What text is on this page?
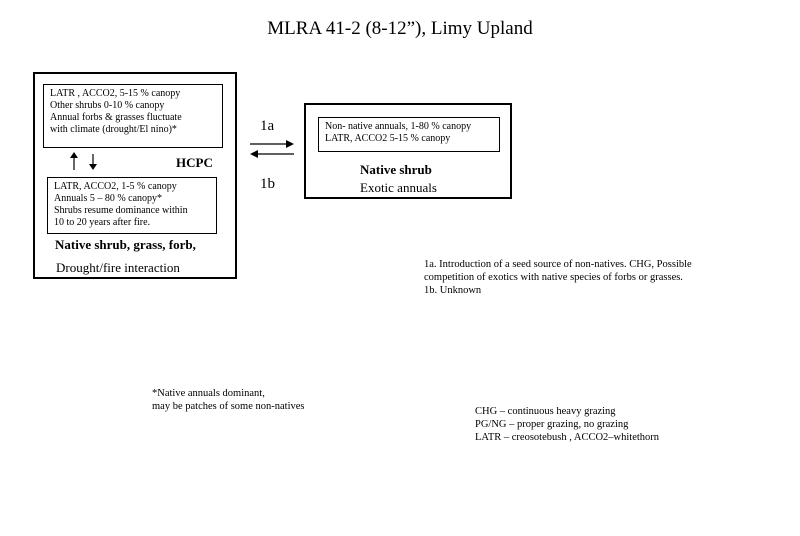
MLRA 41-2 (8-12”), Limy Upland
LATR , ACCO2, 5-15 % canopy
Other shrubs 0-10 % canopy
Annual forbs & grasses fluctuate
with climate (drought/El nino)*
HCPC
LATR, ACCO2, 1-5 % canopy
Annuals 5 – 80 % canopy*
Shrubs resume dominance within
10 to 20 years after fire.
Native shrub, grass, forb,
Drought/fire interaction
1a
1b
Non- native annuals, 1-80 % canopy
LATR, ACCO2 5-15 % canopy
Native shrub
Exotic annuals
1a. Introduction of a seed source of non-natives. CHG, Possible
competition of exotics with native species of forbs or grasses.
1b. Unknown
*Native annuals dominant,
may be patches of some non-natives	CHG – continuous heavy grazing
PG/NG – proper grazing, no grazing
LATR – creosotebush , ACCO2–whitethorn
